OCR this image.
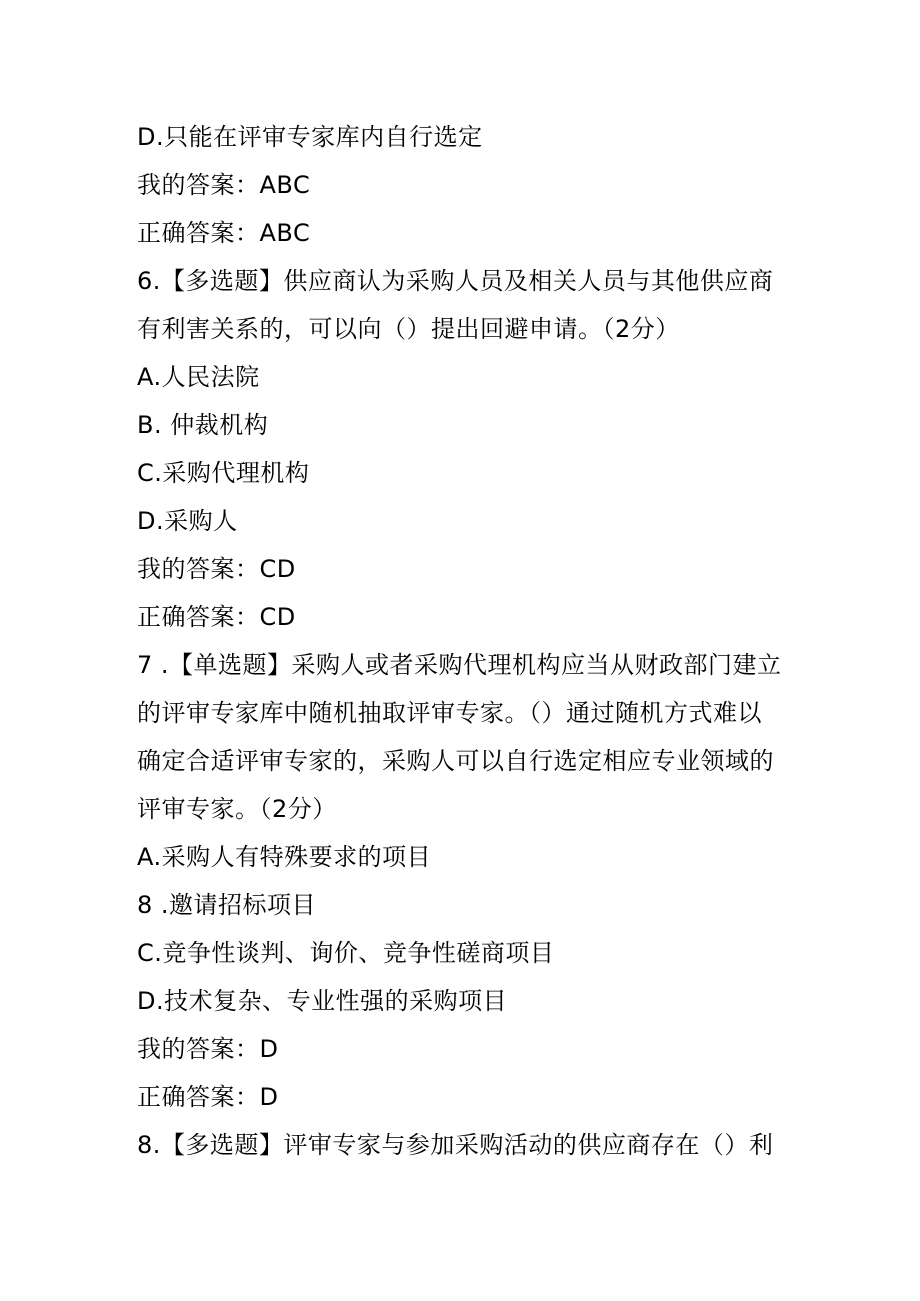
D.只能在评审专家库内自行选定
我的答案：ABC
正确答案：ABC
6.【多选题】供应商认为采购人员及相关人员与其他供应商
有利害关系的，可以向（）提出回避申请。（2分）
A.人民法院
B. 仲裁机构
C.采购代理机构
D.采购人
我的答案：CD
正确答案：CD
7 .【单选题】采购人或者采购代理机构应当从财政部门建立
的评审专家库中随机抽取评审专家。（）通过随机方式难以
确定合适评审专家的，采购人可以自行选定相应专业领域的
评审专家。（2分）
A.采购人有特殊要求的项目
8 .邀请招标项目
C.竞争性谈判、询价、竞争性磋商项目
D.技术复杂、专业性强的采购项目
我的答案：D
正确答案：D
8.【多选题】评审专家与参加采购活动的供应商存在（）利
